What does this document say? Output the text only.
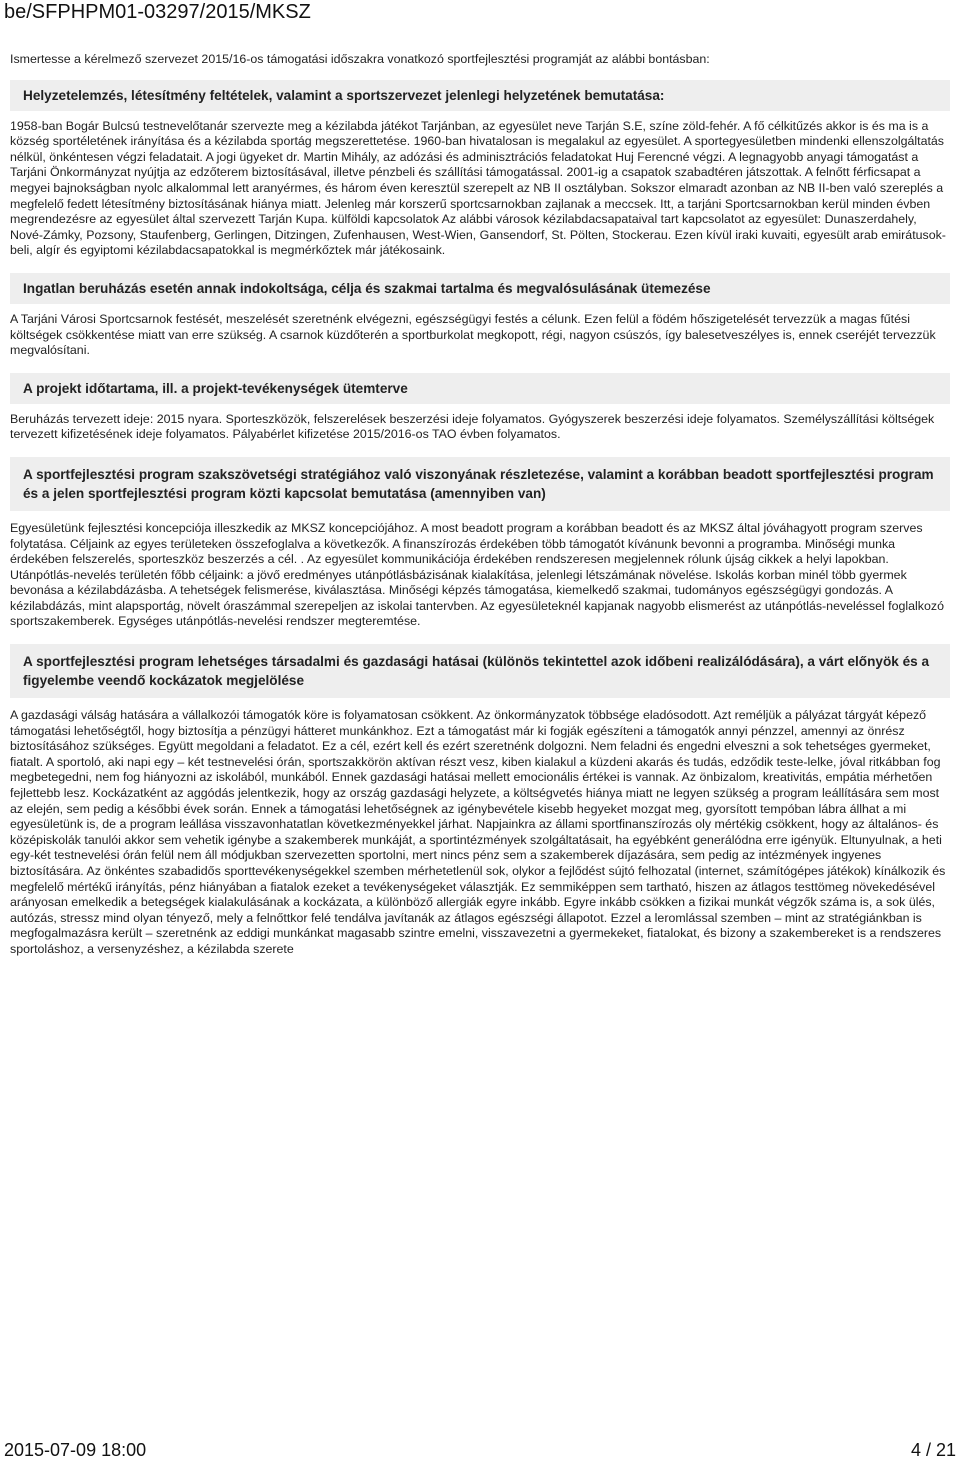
be/SFPHPM01-03297/2015/MKSZ

Ismertesse a kérelmező szervezet 2015/16-os támogatási időszakra vonatkozó sportfejlesztési programját az alábbi bontásban:

Helyzetelemzés, létesítmény feltételek, valamint a sportszervezet jelenlegi helyzetének bemutatása:

1958-ban Bogár Bulcsú testnevelőtanár szervezte meg a kézilabda játékot Tarjánban, az egyesület neve Tarján S.E, színe zöld-fehér. A fő célkitűzés akkor is és ma is a község sportéletének irányítása és a kézilabda sportág megszerettetése. 1960-ban hivatalosan is megalakul az egyesület. A sportegyesületben mindenki ellenszolgáltatás nélkül, önkéntesen végzi feladatait. A jogi ügyeket dr. Martin Mihály, az adózási és adminisztrációs feladatokat Huj Ferencné végzi. A legnagyobb anyagi támogatást a Tarjáni Önkormányzat nyújtja az edzőterem biztosításával, illetve pénzbeli és szállítási támogatással. 2001-ig a csapatok szabadtéren játszottak. A felnőtt férficsapat a megyei bajnokságban nyolc alkalommal lett aranyérmes, és három éven keresztül szerepelt az NB II osztályban. Sokszor elmaradt azonban az NB II-ben való szereplés a megfelelő fedett létesítmény biztosításának hiánya miatt. Jelenleg már korszerű sportcsarnokban zajlanak a meccsek. Itt, a tarjáni Sportcsarnokban kerül minden évben megrendezésre az egyesület által szervezett Tarján Kupa. külföldi kapcsolatok Az alábbi városok kézilabdacsapataival tart kapcsolatot az egyesület: Dunaszerdahely, Nové-Zámky, Pozsony, Staufenberg, Gerlingen, Ditzingen, Zufenhausen, West-Wien, Gansendorf, St. Pölten, Stockerau. Ezen kívül iraki kuvaiti, egyesült arab emirátusok-beli, algír és egyiptomi kézilabdacsapatokkal is megmérkőztek már játékosaink.

Ingatlan beruházás esetén annak indokoltsága, célja és szakmai tartalma és megvalósulásának ütemezése

A Tarjáni Városi Sportcsarnok festését, meszelését szeretnénk elvégezni, egészségügyi festés a célunk. Ezen felül a födém hőszigetelését tervezzük a magas fűtési költségek csökkentése miatt van erre szükség. A csarnok küzdőterén a sportburkolat megkopott, régi, nagyon csúszós, így balesetveszélyes is, ennek cseréjét tervezzük megvalósítani.

A projekt időtartama, ill. a projekt-tevékenységek ütemterve

Beruházás tervezett ideje: 2015 nyara. Sporteszközök, felszerelések beszerzési ideje folyamatos. Gyógyszerek beszerzési ideje folyamatos. Személyszállítási költségek tervezett kifizetésének ideje folyamatos. Pályabérlet kifizetése 2015/2016-os TAO évben folyamatos.

A sportfejlesztési program szakszövetségi stratégiához való viszonyának részletezése, valamint a korábban beadott sportfejlesztési program és a jelen sportfejlesztési program közti kapcsolat bemutatása (amennyiben van)

Egyesületünk fejlesztési koncepciója illeszkedik az MKSZ koncepciójához. A most beadott program a korábban beadott és az MKSZ által jóváhagyott program szerves folytatása. Céljaink az egyes területeken összefoglalva a következők. A finanszírozás érdekében több támogatót kívánunk bevonni a programba. Minőségi munka érdekében felszerelés, sporteszköz beszerzés a cél. . Az egyesület kommunikációja érdekében rendszeresen megjelennek rólunk újság cikkek a helyi lapokban. Utánpótlás-nevelés területén főbb céljaink: a jövő eredményes utánpótlásbázisának kialakítása, jelenlegi létszámának növelése. Iskolás korban minél több gyermek bevonása a kézilabdázásba. A tehetségek felismerése, kiválasztása. Minőségi képzés támogatása, kiemelkedő szakmai, tudományos egészségügyi gondozás. A kézilabdázás, mint alapsportág, növelt óraszámmal szerepeljen az iskolai tantervben. Az egyesületeknél kapjanak nagyobb elismerést az utánpótlás-neveléssel foglalkozó sportszakemberek. Egységes utánpótlás-nevelési rendszer megteremtése.

A sportfejlesztési program lehetséges társadalmi és gazdasági hatásai (különös tekintettel azok időbeni realizálódására), a várt előnyök és a figyelembe veendő kockázatok megjelölése

A gazdasági válság hatására a vállalkozói támogatók köre is folyamatosan csökkent. Az önkormányzatok többsége eladósodott. Azt reméljük a pályázat tárgyát képező támogatási lehetőségtől, hogy biztosítja a pénzügyi hátteret munkánkhoz. Ezt a támogatást már ki fogják egészíteni a támogatók annyi pénzzel, amennyi az önrész biztosításához szükséges. Együtt megoldani a feladatot. Ez a cél, ezért kell és ezért szeretnénk dolgozni. Nem feladni és engedni elveszni a sok tehetséges gyermeket, fiatalt. A sportoló, aki napi egy – két testnevelési órán, sportszakkörön aktívan részt vesz, kiben kialakul a küzdeni akarás és tudás, edződik teste-lelke, jóval ritkábban fog megbetegedni, nem fog hiányozni az iskolából, munkából. Ennek gazdasági hatásai mellett emocionális értékei is vannak. Az önbizalom, kreativitás, empátia mérhetően fejlettebb lesz. Kockázatként az aggódás jelentkezik, hogy az ország gazdasági helyzete, a költségvetés hiánya miatt ne legyen szükség a program leállítására sem most az elején, sem pedig a későbbi évek során. Ennek a támogatási lehetőségnek az igénybevétele kisebb hegyeket mozgat meg, gyorsított tempóban lábra állhat a mi egyesületünk is, de a program leállása visszavonhatatlan következményekkel járhat. Napjainkra az állami sportfinanszírozás oly mértékig csökkent, hogy az általános- és középiskolák tanulói akkor sem vehetik igénybe a szakemberek munkáját, a sportintézmények szolgáltatásait, ha egyébként generálódna erre igényük. Eltunyulnak, a heti egy-két testnevelési órán felül nem áll módjukban szervezetten sportolni, mert nincs pénz sem a szakemberek díjazására, sem pedig az intézmények ingyenes biztosítására. Az önkéntes szabadidős sporttevékenységekkel szemben mérhetetlenül sok, olykor a fejlődést sújtó felhozatal (internet, számítógépes játékok) kínálkozik és megfelelő mértékű irányítás, pénz hiányában a fiatalok ezeket a tevékenységeket választják. Ez semmiképpen sem tartható, hiszen az átlagos testtömeg növekedésével arányosan emelkedik a betegségek kialakulásának a kockázata, a különböző allergiák egyre inkább. Egyre inkább csökken a fizikai munkát végzők száma is, a sok ülés, autózás, stressz mind olyan tényező, mely a felnőttkor felé tendálva javítanák az átlagos egészségi állapotot. Ezzel a leromlással szemben – mint az stratégiánkban is megfogalmazásra került – szeretnénk az eddigi munkánkat magasabb szintre emelni, visszavezetni a gyermekeket, fiatalokat, és bizony a szakembereket is a rendszeres sportoláshoz, a versenyzéshez, a kézilabda szerete

2015-07-09 18:00	4 / 21
